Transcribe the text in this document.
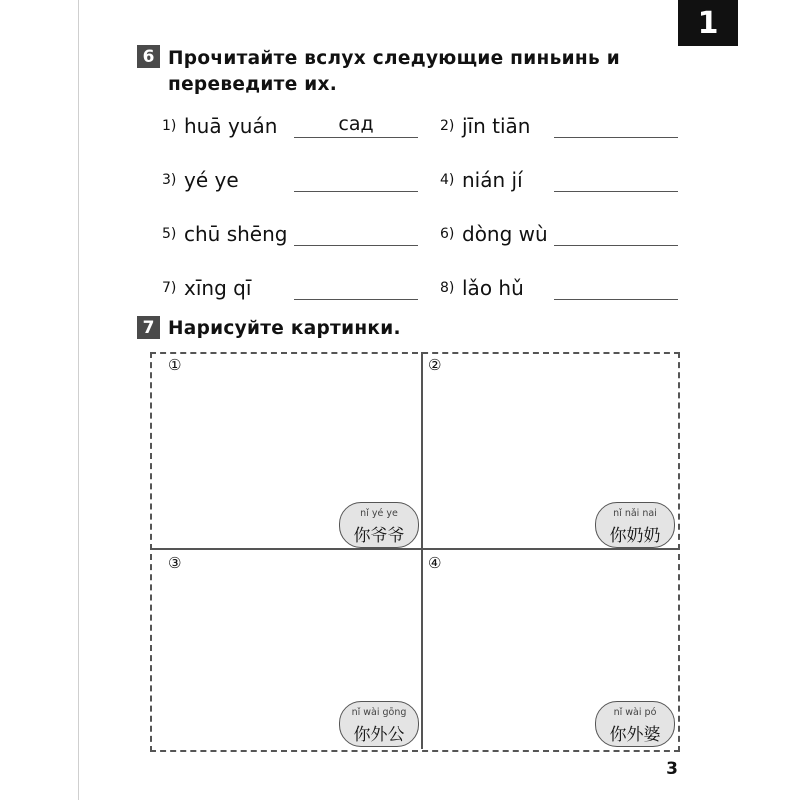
1
6 Прочитайте вслух следующие пиньинь и
переведите их.
1) huā yuán	сад	2) jīn tiān
3) yé ye	4) nián jí
5) chū shēng	6) dòng wù
7) xīng qī	8) lǎo hǔ
7 Нарисуйте картинки.
①	②
③	④
nǐ yé ye
你爷爷
nǐ nǎi nai
你奶奶
nǐ wài gōng
你外公
nǐ wài pó
你外婆
3
